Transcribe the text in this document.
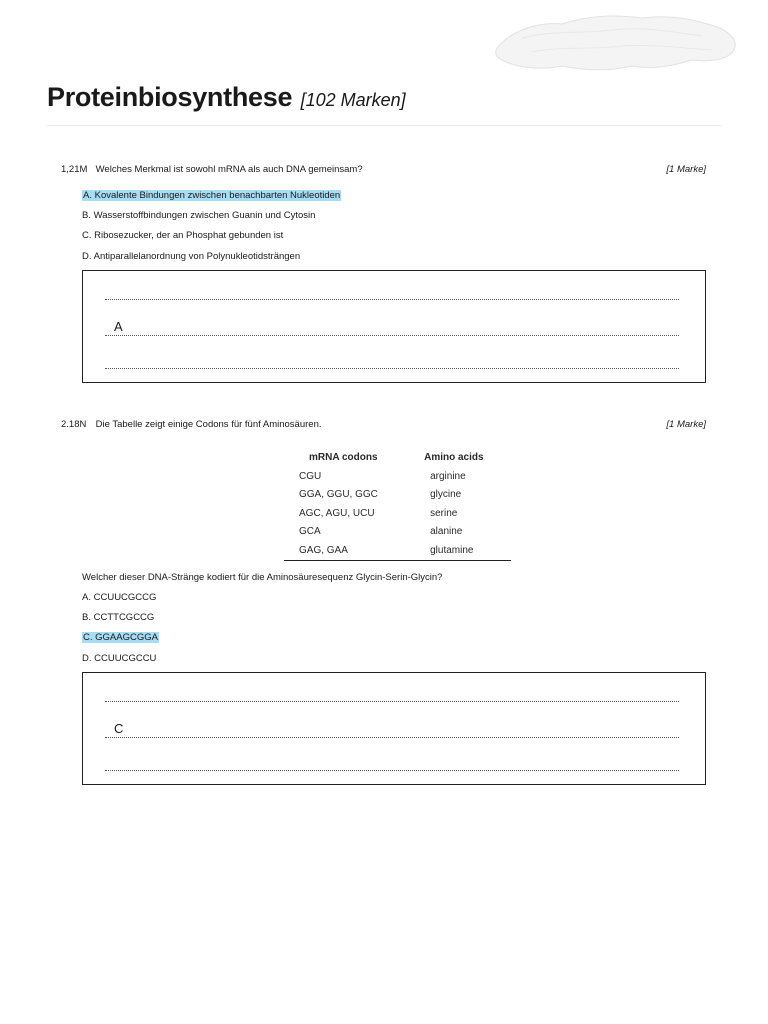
Proteinbiosynthese [102 Marken]
1,21M Welches Merkmal ist sowohl mRNA als auch DNA gemeinsam?	[1 Marke]
A. Kovalente Bindungen zwischen benachbarten Nukleotiden
B. Wasserstoffbindungen zwischen Guanin und Cytosin
C. Ribosezucker, der an Phosphat gebunden ist
D. Antiparallelanordnung von Polynukleotidsträngen
A
2.18N Die Tabelle zeigt einige Codons für fünf Aminosäuren.	[1 Marke]
mRNA codons	Amino acids
CGU	arginine
GGA, GGU, GGC	glycine
AGC, AGU, UCU	serine
GCA	alanine
GAG, GAA	glutamine
Welcher dieser DNA-Stränge kodiert für die Aminosäuresequenz Glycin-Serin-Glycin?
A. CCUUCGCCG
B. CCTTCGCCG
C. GGAAGCGGA
D. CCUUCGCCU
C
